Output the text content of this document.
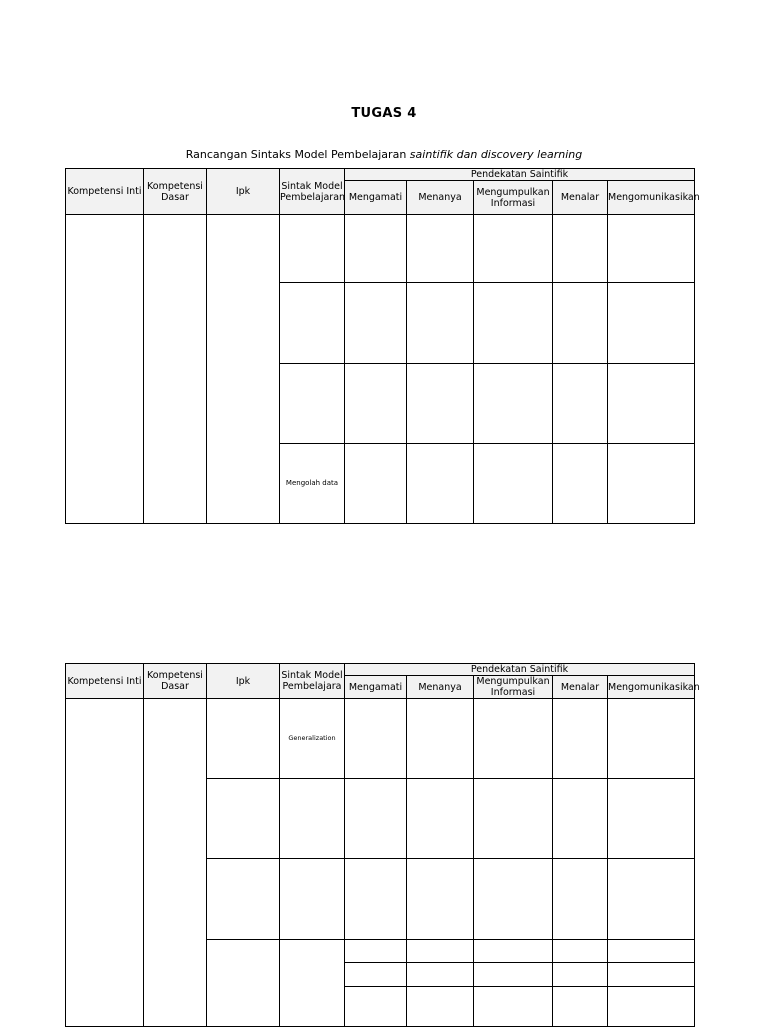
TUGAS 4
Rancangan Sintaks Model Pembelajaran saintifik dan discovery learning
Kompetensi Inti	Kompetensi Dasar	Ipk	Sintak Model Pembelajaran	Pendekatan Saintifik				
				Mengamati	Menanya	Mengumpulkan Informasi	Menalar	Mengomunikasikan

			Mengolah data					
Kompetensi Inti	Kompetensi Dasar	Ipk	Sintak Model Pembelajara	Pendekatan Saintifik				
				Mengamati	Menanya	Mengumpulkan Informasi	Menalar	Mengomunikasikan
			Generalization					
